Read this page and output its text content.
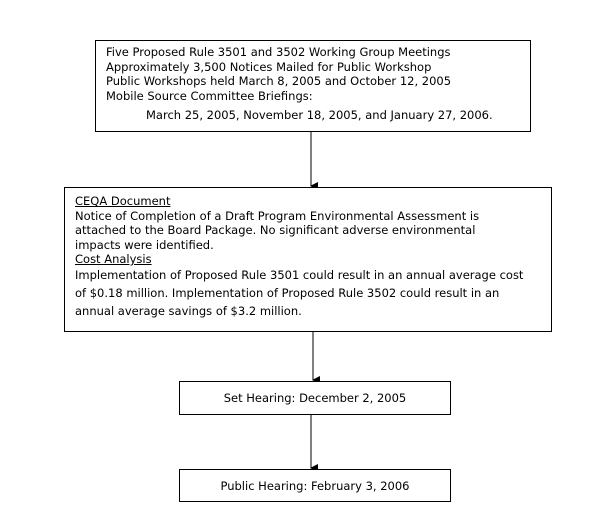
Five Proposed Rule 3501 and 3502 Working Group Meetings
Approximately 3,500 Notices Mailed for Public Workshop
Public Workshops held March 8, 2005 and October 12, 2005
Mobile Source Committee Briefings:
March 25, 2005, November 18, 2005, and January 27, 2006.
CEQA Document
Notice of Completion of a Draft Program Environmental Assessment is
attached to the Board Package. No significant adverse environmental
impacts were identified.
Cost Analysis
Implementation of Proposed Rule 3501 could result in an annual average cost
of $0.18 million. Implementation of Proposed Rule 3502 could result in an
annual average savings of $3.2 million.
Set Hearing: December 2, 2005
Public Hearing: February 3, 2006
